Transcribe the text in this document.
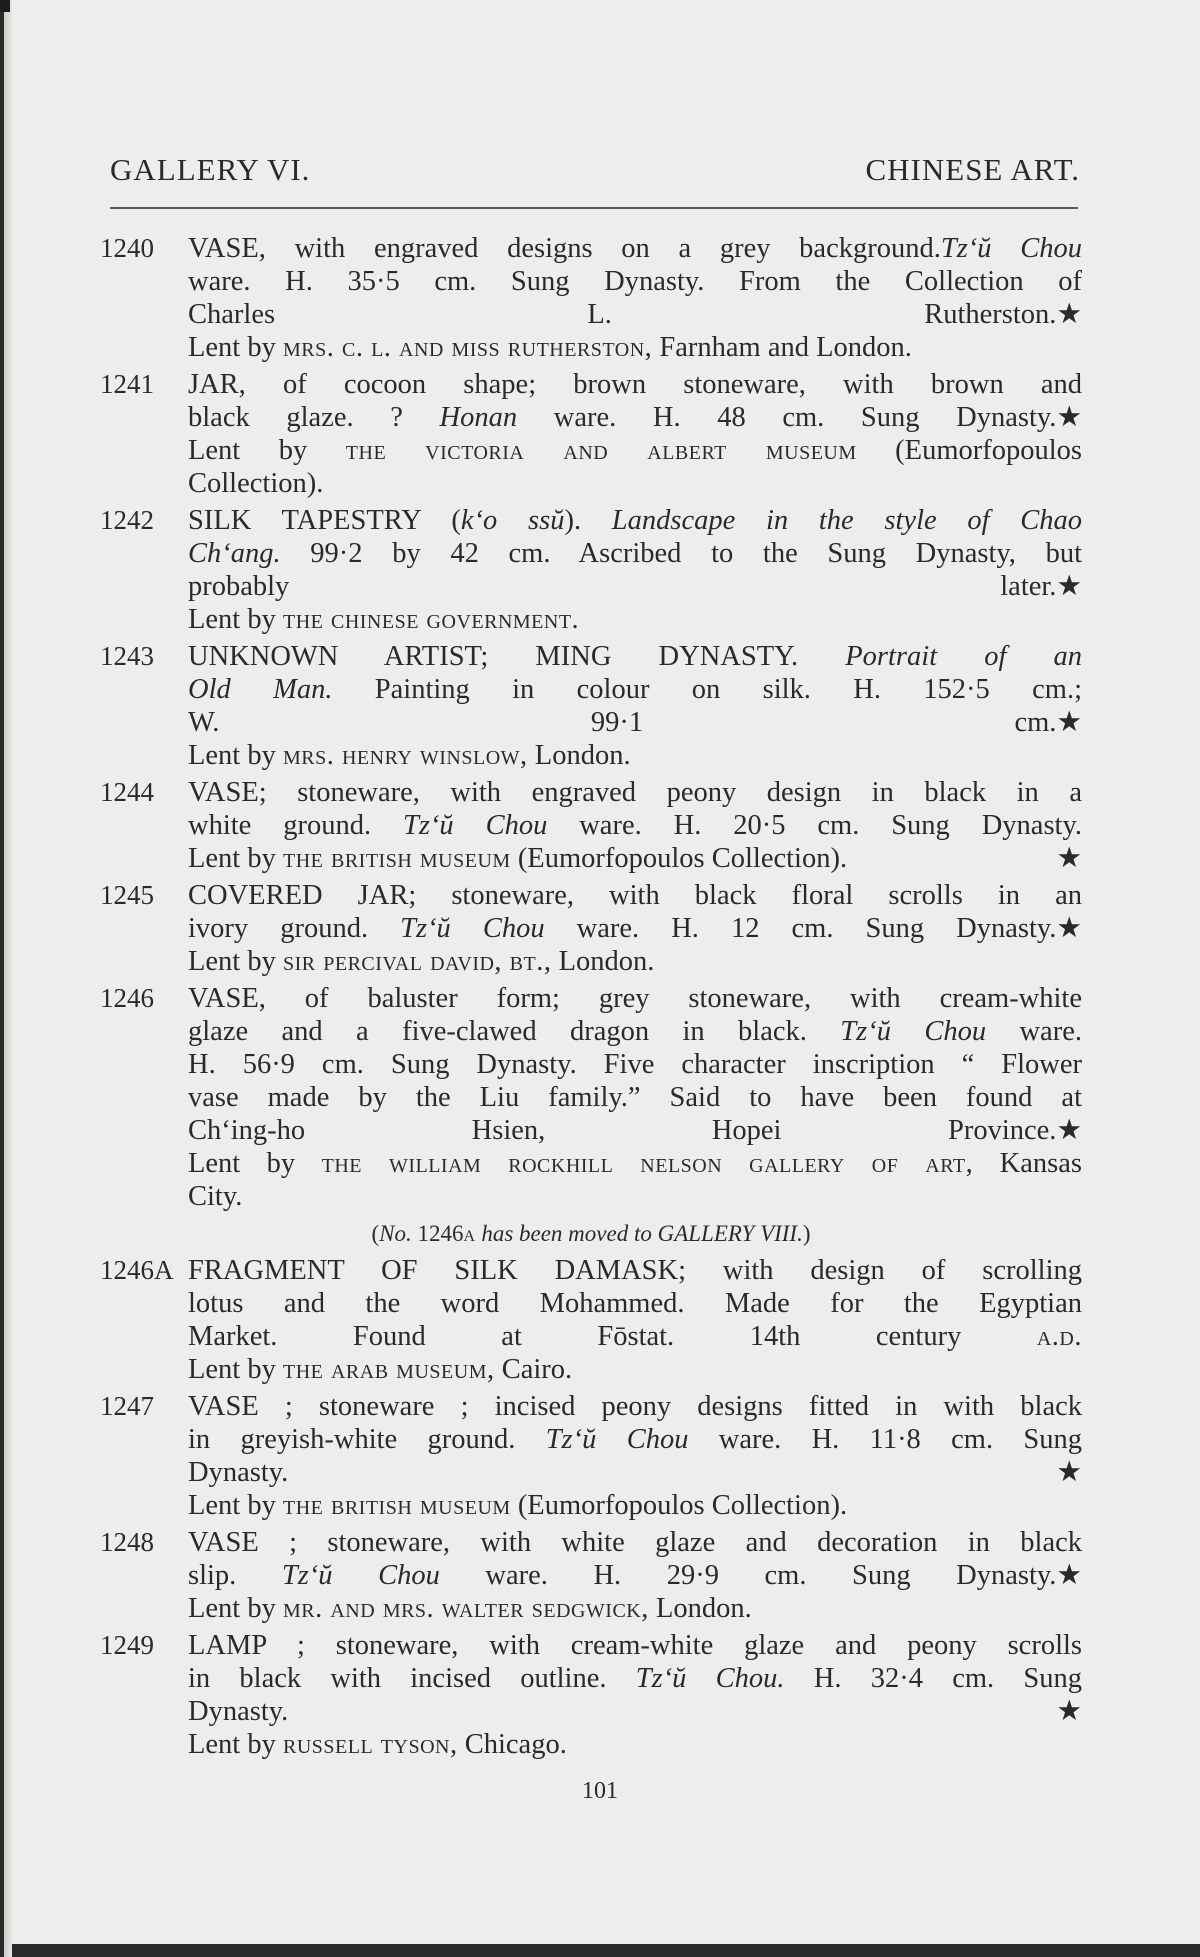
GALLERY VI.	CHINESE ART.
1240	VASE, with engraved designs on a grey background.Tz‘ŭ Chou
ware. H. 35·5 cm. Sung Dynasty. From the Collection of
Charles L. Rutherston. ★
Lent by mrs. c. l. and miss rutherston, Farnham and London.
1241	JAR, of cocoon shape; brown stoneware, with brown and
black glaze. ? Honan ware. H. 48 cm. Sung Dynasty. ★
Lent by the victoria and albert museum (Eumorfopoulos
Collection).
1242	SILK TAPESTRY (k‘o ssŭ). Landscape in the style of Chao
Ch‘ang. 99·2 by 42 cm. Ascribed to the Sung Dynasty, but
probably later. ★
Lent by the chinese government.
1243	UNKNOWN ARTIST; MING DYNASTY. Portrait of an
Old Man. Painting in colour on silk. H. 152·5 cm.;
W. 99·1 cm. ★
Lent by mrs. henry winslow, London.
1244	VASE; stoneware, with engraved peony design in black in a
white ground. Tz‘ŭ Chou ware. H. 20·5 cm. Sung Dynasty.
Lent by the british museum (Eumorfopoulos Collection).	★
1245	COVERED JAR; stoneware, with black floral scrolls in an
ivory ground. Tz‘ŭ Chou ware. H. 12 cm. Sung Dynasty. ★
Lent by sir percival david, bt., London.
1246	VASE, of baluster form; grey stoneware, with cream-white
glaze and a five-clawed dragon in black. Tz‘ŭ Chou ware.
H. 56·9 cm. Sung Dynasty. Five character inscription “ Flower
vase made by the Liu family.” Said to have been found at
Ch‘ing-ho Hsien, Hopei Province. ★
Lent by the william rockhill nelson gallery of art, Kansas
City.
(No. 1246a has been moved to GALLERY VIII.)
1246A FRAGMENT OF SILK DAMASK; with design of scrolling
lotus and the word Mohammed. Made for the Egyptian
Market. Found at Fōstat. 14th century a.d.
Lent by the arab museum, Cairo.
1247	VASE ; stoneware ; incised peony designs fitted in with black
in greyish-white ground. Tz‘ŭ Chou ware. H. 11·8 cm. Sung
Dynasty.	★
Lent by the british museum (Eumorfopoulos Collection).
1248	VASE ; stoneware, with white glaze and decoration in black
slip. Tz‘ŭ Chou ware. H. 29·9 cm. Sung Dynasty. ★
Lent by mr. and mrs. walter sedgwick, London.
1249	LAMP ; stoneware, with cream-white glaze and peony scrolls
in black with incised outline. Tz‘ŭ Chou. H. 32·4 cm. Sung
Dynasty.	★
Lent by russell tyson, Chicago.
101
